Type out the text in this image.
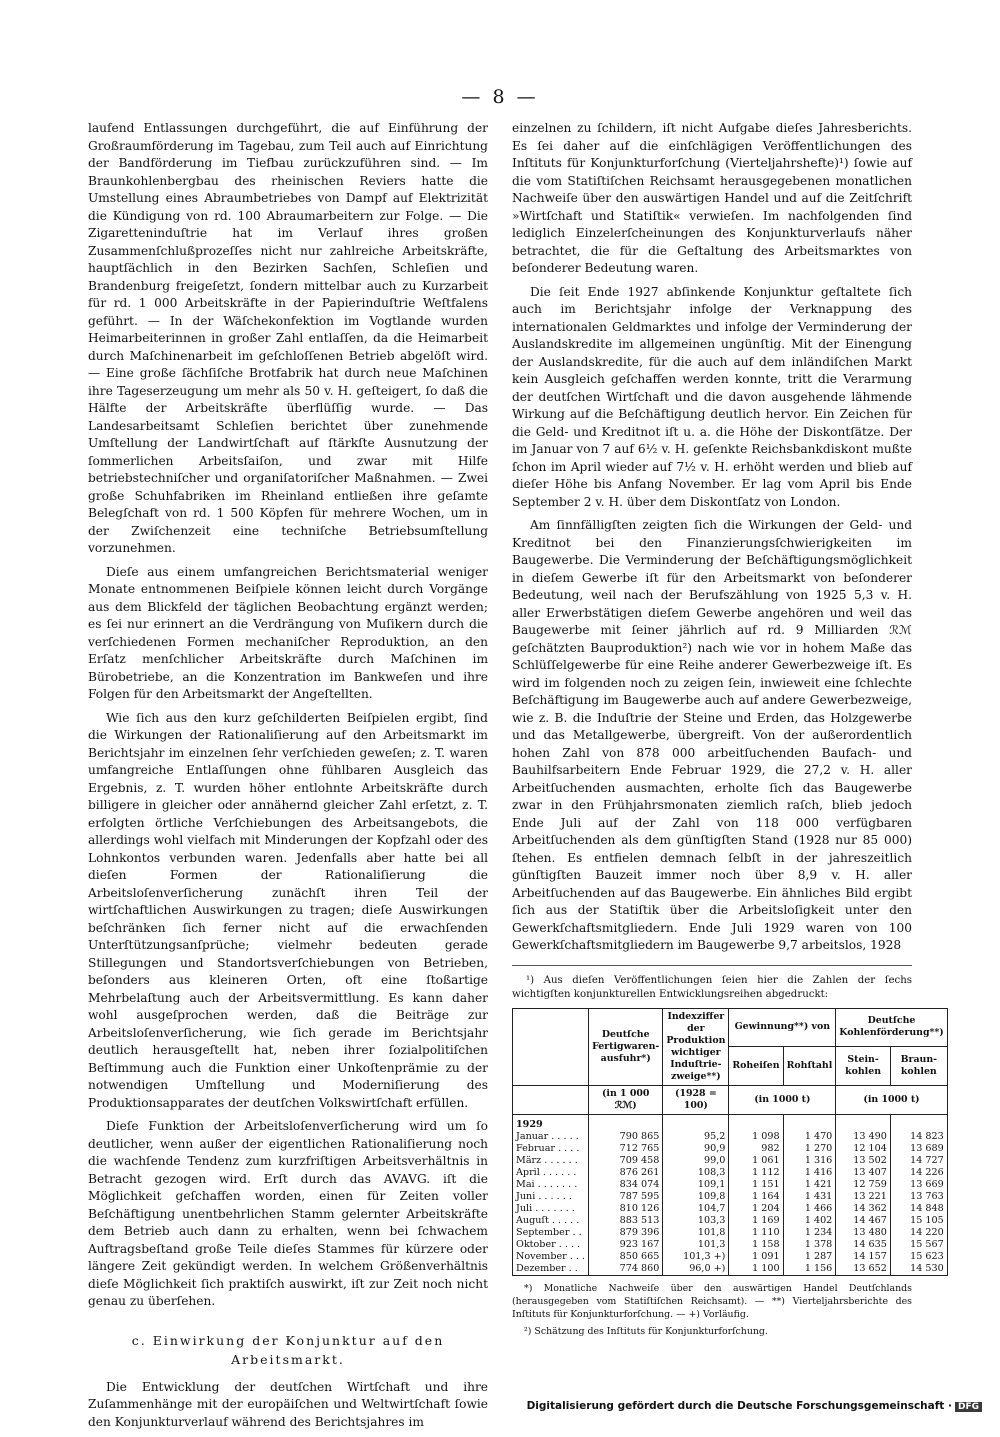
— 8 —

laufend Entlassungen durchgeführt, die auf Einführung der Großraumförderung im Tagebau, zum Teil auch auf Einrichtung der Bandförderung im Tiefbau zurückzuführen sind. — Im Braunkohlenbergbau des rheinischen Reviers hatte die Umstellung eines Abraumbetriebes von Dampf auf Elektrizität die Kündigung von rd. 100 Abraumarbeitern zur Folge. — Die Zigaretteninduſtrie hat im Verlauf ihres großen Zusammenſchlußprozeſſes nicht nur zahlreiche Arbeitskräfte, hauptſächlich in den Bezirken Sachſen, Schleſien und Brandenburg freigeſetzt, ſondern mittelbar auch zu Kurzarbeit für rd. 1 000 Arbeitskräfte in der Papierinduſtrie Weſtfalens geführt. — In der Wäſchekonfektion im Vogtlande wurden Heimarbeiterinnen in großer Zahl entlaſſen, da die Heimarbeit durch Maſchinenarbeit im geſchloſſenen Betrieb abgelöſt wird. — Eine große ſächſiſche Brotfabrik hat durch neue Maſchinen ihre Tageserzeugung um mehr als 50 v. H. geſteigert, ſo daß die Hälfte der Arbeitskräfte überflüſſig wurde. — Das Landesarbeitsamt Schleſien berichtet über zunehmende Umſtellung der Landwirtſchaft auf ſtärkſte Ausnutzung der ſommerlichen Arbeitsſaiſon, und zwar mit Hilfe betriebstechniſcher und organiſatoriſcher Maßnahmen. — Zwei große Schuhfabriken im Rheinland entließen ihre geſamte Belegſchaft von rd. 1 500 Köpfen für mehrere Wochen, um in der Zwiſchenzeit eine techniſche Betriebsumſtellung vorzunehmen.

Dieſe aus einem umfangreichen Berichtsmaterial weniger Monate entnommenen Beiſpiele können leicht durch Vorgänge aus dem Blickfeld der täglichen Beobachtung ergänzt werden; es ſei nur erinnert an die Verdrängung von Muſikern durch die verſchiedenen Formen mechaniſcher Reproduktion, an den Erſatz menſchlicher Arbeitskräfte durch Maſchinen im Bürobetriebe, an die Konzentration im Bankweſen und ihre Folgen für den Arbeitsmarkt der Angeſtellten.

Wie ſich aus den kurz geſchilderten Beiſpielen ergibt, ſind die Wirkungen der Rationaliſierung auf den Arbeitsmarkt im Berichtsjahr im einzelnen ſehr verſchieden geweſen; z. T. waren umfangreiche Entlaſſungen ohne fühlbaren Ausgleich das Ergebnis, z. T. wurden höher entlohnte Arbeitskräfte durch billigere in gleicher oder annähernd gleicher Zahl erſetzt, z. T. erfolgten örtliche Verſchiebungen des Arbeitsangebots, die allerdings wohl vielfach mit Minderungen der Kopfzahl oder des Lohnkontos verbunden waren. Jedenfalls aber hatte bei all dieſen Formen der Rationaliſierung die Arbeitsloſenverſicherung zunächſt ihren Teil der wirtſchaftlichen Auswirkungen zu tragen; dieſe Auswirkungen beſchränken ſich ferner nicht auf die erwachſenden Unterſtützungsanſprüche; vielmehr bedeuten gerade Stillegungen und Standortsverſchiebungen von Betrieben, beſonders aus kleineren Orten, oft eine ſtoßartige Mehrbelaſtung auch der Arbeitsvermittlung. Es kann daher wohl ausgeſprochen werden, daß die Beiträge zur Arbeitsloſenverſicherung, wie ſich gerade im Berichtsjahr deutlich herausgeſtellt hat, neben ihrer ſozialpolitiſchen Beſtimmung auch die Funktion einer Unkoſtenprämie zu der notwendigen Umſtellung und Moderniſierung des Produktionsapparates der deutſchen Volkswirtſchaft erfüllen.

Dieſe Funktion der Arbeitsloſenverſicherung wird um ſo deutlicher, wenn außer der eigentlichen Rationaliſierung noch die wachſende Tendenz zum kurzfriſtigen Arbeitsverhältnis in Betracht gezogen wird. Erſt durch das AVAVG. iſt die Möglichkeit geſchaffen worden, einen für Zeiten voller Beſchäftigung unentbehrlichen Stamm gelernter Arbeitskräfte dem Betrieb auch dann zu erhalten, wenn bei ſchwachem Auftragsbeſtand große Teile dieſes Stammes für kürzere oder längere Zeit gekündigt werden. In welchem Größenverhältnis dieſe Möglichkeit ſich praktiſch auswirkt, iſt zur Zeit noch nicht genau zu überſehen.

c. Einwirkung der Konjunktur auf den Arbeitsmarkt.

Die Entwicklung der deutſchen Wirtſchaft und ihre Zuſammenhänge mit der europäiſchen und Weltwirtſchaft ſowie den Konjunkturverlauf während des Berichtsjahres im

einzelnen zu ſchildern, iſt nicht Aufgabe dieſes Jahresberichts. Es ſei daher auf die einſchlägigen Veröffentlichungen des Inſtituts für Konjunkturforſchung (Vierteljahrshefte)¹) ſowie auf die vom Statiſtiſchen Reichsamt herausgegebenen monatlichen Nachweiſe über den auswärtigen Handel und auf die Zeitſchrift »Wirtſchaft und Statiſtik« verwieſen. Im nachfolgenden ſind lediglich Einzelerſcheinungen des Konjunkturverlaufs näher betrachtet, die für die Geſtaltung des Arbeitsmarktes von beſonderer Bedeutung waren.

Die ſeit Ende 1927 abſinkende Konjunktur geſtaltete ſich auch im Berichtsjahr infolge der Verknappung des internationalen Geldmarktes und infolge der Verminderung der Auslandskredite im allgemeinen ungünſtig. Mit der Einengung der Auslandskredite, für die auch auf dem inländiſchen Markt kein Ausgleich geſchaffen werden konnte, tritt die Verarmung der deutſchen Wirtſchaft und die davon ausgehende lähmende Wirkung auf die Beſchäftigung deutlich hervor. Ein Zeichen für die Geld- und Kreditnot iſt u. a. die Höhe der Diskontſätze. Der im Januar von 7 auf 6½ v. H. geſenkte Reichsbankdiskont mußte ſchon im April wieder auf 7½ v. H. erhöht werden und blieb auf dieſer Höhe bis Anfang November. Er lag vom April bis Ende September 2 v. H. über dem Diskontſatz von London.

Am ſinnfälligſten zeigten ſich die Wirkungen der Geld- und Kreditnot bei den Finanzierungsſchwierigkeiten im Baugewerbe. Die Verminderung der Beſchäftigungsmöglichkeit in dieſem Gewerbe iſt für den Arbeitsmarkt von beſonderer Bedeutung, weil nach der Berufszählung von 1925 5,3 v. H. aller Erwerbstätigen dieſem Gewerbe angehören und weil das Baugewerbe mit ſeiner jährlich auf rd. 9 Milliarden ℛℳ geſchätzten Bauproduktion²) nach wie vor in hohem Maße das Schlüſſelgewerbe für eine Reihe anderer Gewerbezweige iſt. Es wird im folgenden noch zu zeigen ſein, inwieweit eine ſchlechte Beſchäftigung im Baugewerbe auch auf andere Gewerbezweige, wie z. B. die Induſtrie der Steine und Erden, das Holzgewerbe und das Metallgewerbe, übergreift. Von der außerordentlich hohen Zahl von 878 000 arbeitſuchenden Baufach- und Bauhilfsarbeitern Ende Februar 1929, die 27,2 v. H. aller Arbeitſuchenden ausmachten, erholte ſich das Baugewerbe zwar in den Frühjahrsmonaten ziemlich raſch, blieb jedoch Ende Juli auf der Zahl von 118 000 verfügbaren Arbeitſuchenden als dem günſtigſten Stand (1928 nur 85 000) ſtehen. Es entfielen demnach ſelbſt in der jahreszeitlich günſtigſten Bauzeit immer noch über 8,9 v. H. aller Arbeitſuchenden auf das Baugewerbe. Ein ähnliches Bild ergibt ſich aus der Statiſtik über die Arbeitsloſigkeit unter den Gewerkſchaftsmitgliedern. Ende Juli 1929 waren von 100 Gewerkſchaftsmitgliedern im Baugewerbe 9,7 arbeitslos, 1928

¹) Aus dieſen Veröffentlichungen ſeien hier die Zahlen der ſechs wichtigſten konjunkturellen Entwicklungsreihen abgedruckt:

	Deutſche Fertigwaren-ausfuhr*)	Indexziffer der Produktion wichtiger Induſtrie-zweige**)	Gewinnung**) von		Deutſche Kohlenförderung**)	
			Roheiſen	Rohſtahl	Stein-kohlen	Braun-kohlen
	(in 1 000 ℛℳ)	(1928 = 100)	(in 1000 t)		(in 1000 t)	
1929						
Januar . . . . .	790 865	95,2	1 098	1 470	13 490	14 823
Februar . . . .	712 765	90,9	982	1 270	12 104	13 689
März . . . . . .	709 458	99,0	1 061	1 316	13 502	14 727
April . . . . . .	876 261	108,3	1 112	1 416	13 407	14 226
Mai . . . . . . .	834 074	109,1	1 151	1 421	12 759	13 669
Juni . . . . . .	787 595	109,8	1 164	1 431	13 221	13 763
Juli . . . . . . .	810 126	104,7	1 204	1 466	14 362	14 848
Auguſt . . . . .	883 513	103,3	1 169	1 402	14 467	15 105
September . .	879 396	101,8	1 110	1 234	13 480	14 220
Oktober . . . .	923 167	101,3	1 158	1 378	14 635	15 567
November . . .	850 665	101,3 +)	1 091	1 287	14 157	15 623
Dezember . .	774 860	96,0 +)	1 100	1 156	13 652	14 530

*) Monatliche Nachweiſe über den auswärtigen Handel Deutſchlands (herausgegeben vom Statiſtiſchen Reichsamt). — **) Vierteljahrsberichte des Inſtituts für Konjunkturforſchung. — +) Vorläufig.

²) Schätzung des Inſtituts für Konjunkturforſchung.

Digitalisierung gefördert durch die Deutsche Forschungsgemeinschaft · DFG
